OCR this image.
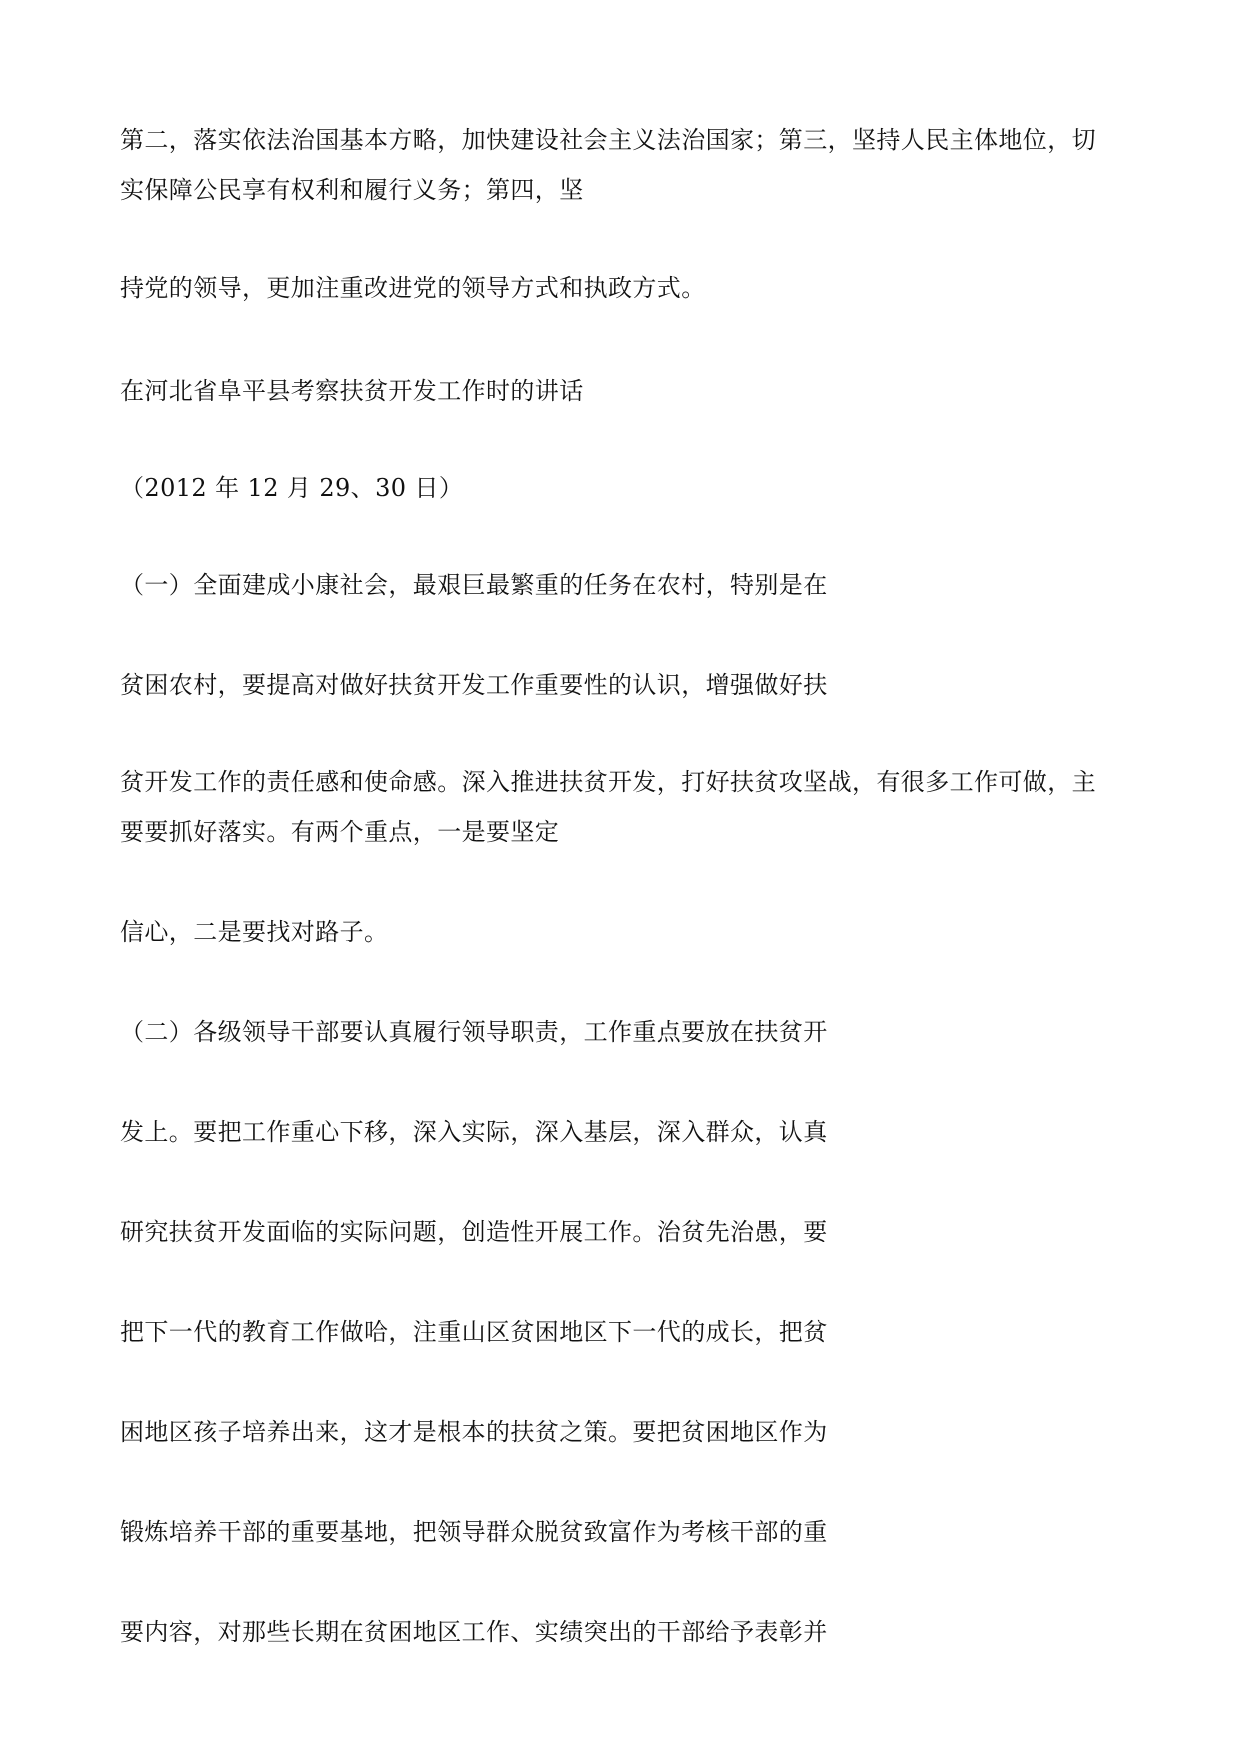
第二，落实依法治国基本方略，加快建设社会主义法治国家；第三，坚持人民主体地位，切

实保障公民享有权利和履行义务；第四，坚

持党的领导，更加注重改进党的领导方式和执政方式。

在河北省阜平县考察扶贫开发工作时的讲话

（2012 年 12 月 29、30 日）

（一）全面建成小康社会，最艰巨最繁重的任务在农村，特别是在

贫困农村，要提高对做好扶贫开发工作重要性的认识，增强做好扶

贫开发工作的责任感和使命感。深入推进扶贫开发，打好扶贫攻坚战，有很多工作可做，主

要要抓好落实。有两个重点，一是要坚定

信心，二是要找对路子。

（二）各级领导干部要认真履行领导职责，工作重点要放在扶贫开

发上。要把工作重心下移，深入实际，深入基层，深入群众，认真

研究扶贫开发面临的实际问题，创造性开展工作。治贫先治愚，要

把下一代的教育工作做哈，注重山区贫困地区下一代的成长，把贫

困地区孩子培养出来，这才是根本的扶贫之策。要把贫困地区作为

锻炼培养干部的重要基地，把领导群众脱贫致富作为考核干部的重

要内容，对那些长期在贫困地区工作、实绩突出的干部给予表彰并
